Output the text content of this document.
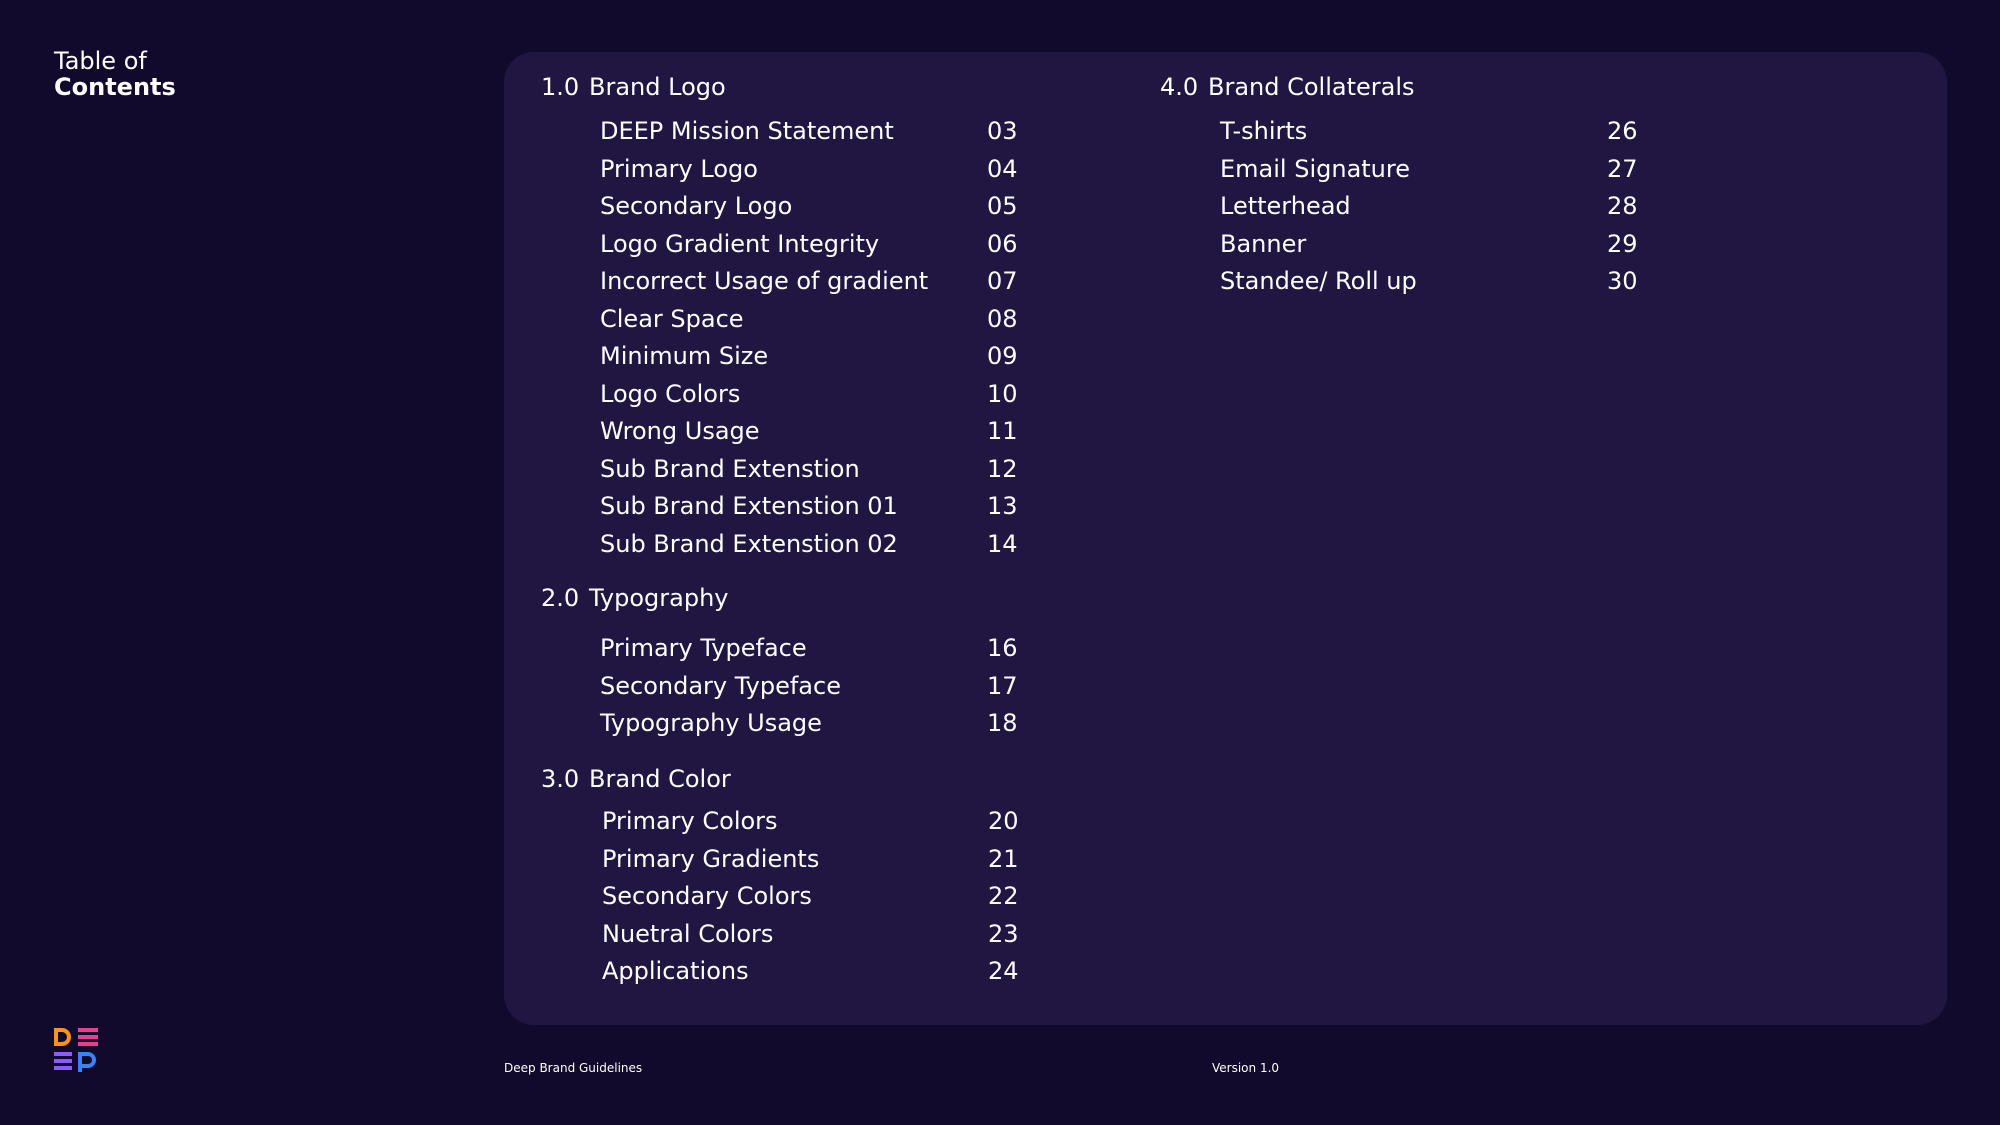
Table of
Contents	1.0 Brand Logo
DEEP Mission Statement	03
Primary Logo	04
Secondary Logo	05
Logo Gradient Integrity	06
Incorrect Usage of gradient 07
Clear Space	08
Minimum Size	09
Logo Colors	10
Wrong Usage	11
Sub Brand Extenstion	12
Sub Brand Extenstion 01	13
Sub Brand Extenstion 02	14
2.0 Typography
Primary Typeface	16
Secondary Typeface	17
Typography Usage	18
3.0 Brand Color
Primary Colors	20
Primary Gradients	21
Secondary Colors	22
Nuetral Colors	23
Applications	24
4.0 Brand Collaterals
T-shirts	26
Email Signature	27
Letterhead	28
Banner	29
Standee/ Roll up	30
Deep Brand Guidelines	Version 1.0
